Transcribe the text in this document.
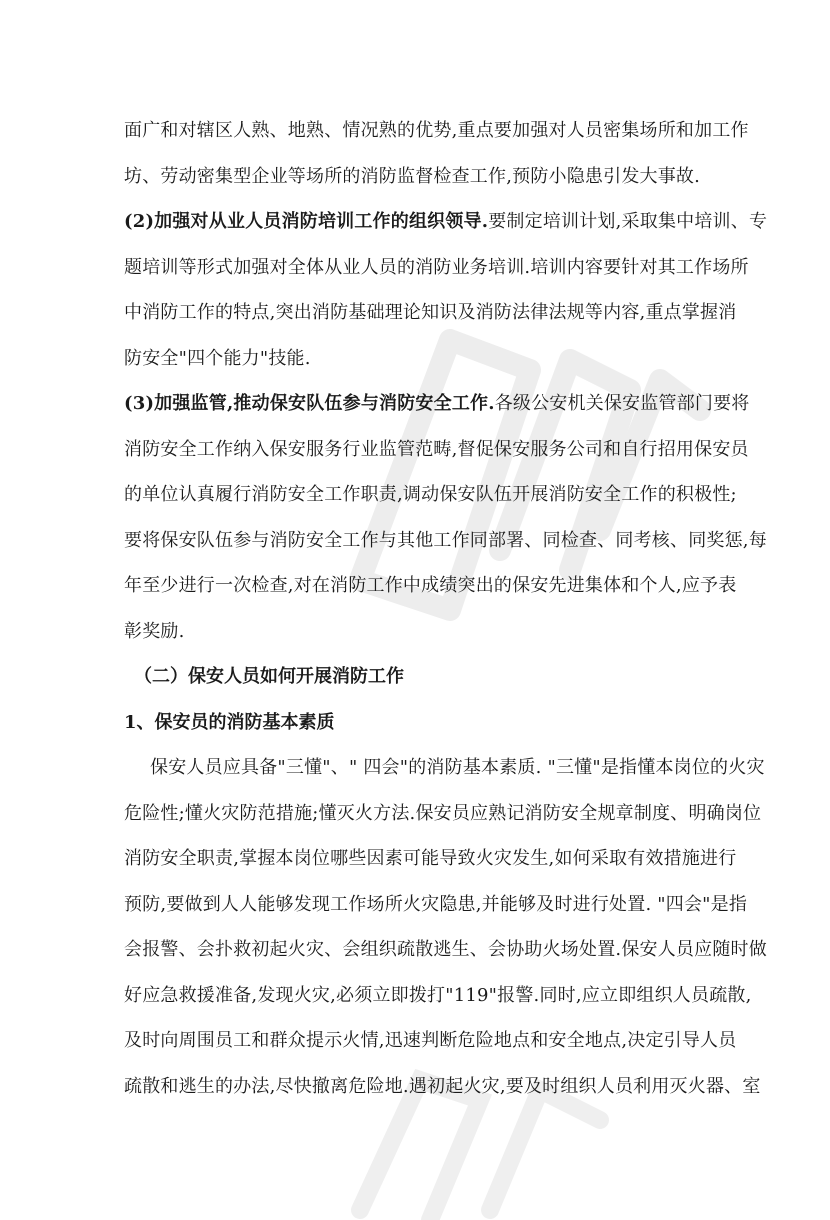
面广和对辖区人熟、地熟、情况熟的优势,重点要加强对人员密集场所和加工作
坊、劳动密集型企业等场所的消防监督检查工作,预防小隐患引发大事故.
(2)加强对从业人员消防培训工作的组织领导.要制定培训计划,采取集中培训、专
题培训等形式加强对全体从业人员的消防业务培训.培训内容要针对其工作场所
中消防工作的特点,突出消防基础理论知识及消防法律法规等内容,重点掌握消
防安全"四个能力"技能.
(3)加强监管,推动保安队伍参与消防安全工作.各级公安机关保安监管部门要将
消防安全工作纳入保安服务行业监管范畴,督促保安服务公司和自行招用保安员
的单位认真履行消防安全工作职责,调动保安队伍开展消防安全工作的积极性;
要将保安队伍参与消防安全工作与其他工作同部署、同检查、同考核、同奖惩,每
年至少进行一次检查,对在消防工作中成绩突出的保安先进集体和个人,应予表
彰奖励.
（二）保安人员如何开展消防工作
1、保安员的消防基本素质
保安人员应具备"三懂"、" 四会"的消防基本素质. "三懂"是指懂本岗位的火灾
危险性;懂火灾防范措施;懂灭火方法.保安员应熟记消防安全规章制度、明确岗位
消防安全职责,掌握本岗位哪些因素可能导致火灾发生,如何采取有效措施进行
预防,要做到人人能够发现工作场所火灾隐患,并能够及时进行处置. "四会"是指
会报警、会扑救初起火灾、会组织疏散逃生、会协助火场处置.保安人员应随时做
好应急救援准备,发现火灾,必须立即拨打"119"报警.同时,应立即组织人员疏散,
及时向周围员工和群众提示火情,迅速判断危险地点和安全地点,决定引导人员
疏散和逃生的办法,尽快撤离危险地.遇初起火灾,要及时组织人员利用灭火器、室
